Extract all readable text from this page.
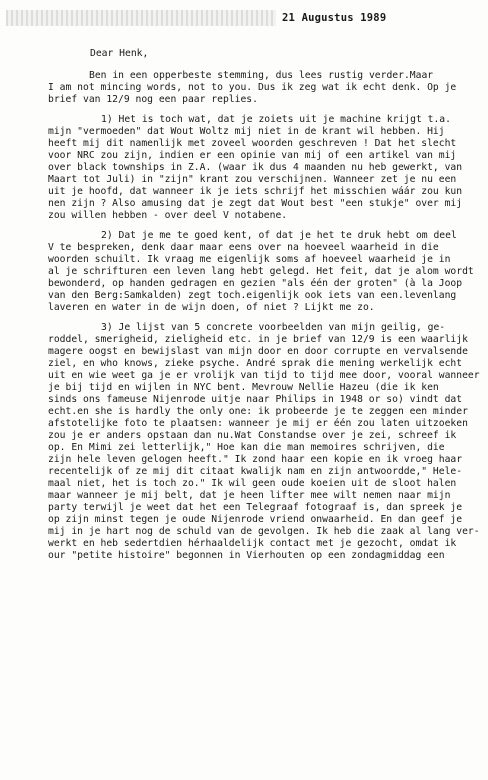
21 Augustus 1989
Dear Henk,

Ben in een opperbeste stemming, dus lees rustig verder.Maar

I am not mincing words, not to you. Dus ik zeg wat ik echt denk. Op je

brief van 12/9 nog een paar replies.

1) Het is toch wat, dat je zoiets uit je machine krijgt t.a.

mijn "vermoeden" dat Wout Woltz mij niet in de krant wil hebben. Hij

heeft mij dit namenlijk met zoveel woorden geschreven ! Dat het slecht

voor NRC zou zijn, indien er een opinie van mij of een artikel van mij

over black townships in Z.A. (waar ik dus 4 maanden nu heb gewerkt, van

Maart tot Juli) in "zijn" krant zou verschijnen. Wanneer zet je nu een

uit je hoofd, dat wanneer ik je iets schrijf het misschien wáár zou kun

nen zijn ? Also amusing dat je zegt dat Wout best "een stukje" over mij

zou willen hebben - over deel V notabene.

2) Dat je me te goed kent, of dat je het te druk hebt om deel

V te bespreken, denk daar maar eens over na hoeveel waarheid in die

woorden schuilt. Ik vraag me eigenlijk soms af hoeveel waarheid je in

al je schrifturen een leven lang hebt gelegd. Het feit, dat je alom wordt

bewonderd, op handen gedragen en gezien "als één der groten" (à la Joop

van den Berg:Samkalden) zegt toch.eigenlijk ook iets van een.levenlang

laveren en water in de wijn doen, of niet ? Lijkt me zo.

3) Je lijst van 5 concrete voorbeelden van mijn geilig, ge-

roddel, smerigheid, zieligheid etc. in je brief van 12/9 is een waarlijk

magere oogst en bewijslast van mijn door en door corrupte en vervalsende

ziel, en who knows, zieke psyche. André sprak die mening werkelijk echt

uit en wie weet ga je er vrolijk van tijd to tijd mee door, vooral wanneer

je bij tijd en wijlen in NYC bent. Mevrouw Nellie Hazeu (die ik ken

sinds ons fameuse Nijenrode uitje naar Philips in 1948 or so) vindt dat

echt.en she is hardly the only one: ik probeerde je te zeggen een minder

afstotelijke foto te plaatsen: wanneer je mij er één zou laten uitzoeken

zou je er anders opstaan dan nu.Wat Constandse over je zei, schreef ik

op. En Mimi zei letterlijk," Hoe kan die man memoires schrijven, die

zijn hele leven gelogen heeft." Ik zond haar een kopie en ik vroeg haar

recentelijk of ze mij dit citaat kwalijk nam en zijn antwoordde," Hele-

maal niet, het is toch zo." Ik wil geen oude koeien uit de sloot halen

maar wanneer je mij belt, dat je heen lifter mee wilt nemen naar mijn

party terwijl je weet dat het een Telegraaf fotograaf is, dan spreek je

op zijn minst tegen je oude Nijenrode vriend onwaarheid. En dan geef je

mij in je hart nog de schuld van de gevolgen. Ik heb die zaak al lang ver-

werkt en heb sedertdien hérhaaldelijk contact met je gezocht, omdat ik

our "petite histoire" begonnen in Vierhouten op een zondagmiddag een
